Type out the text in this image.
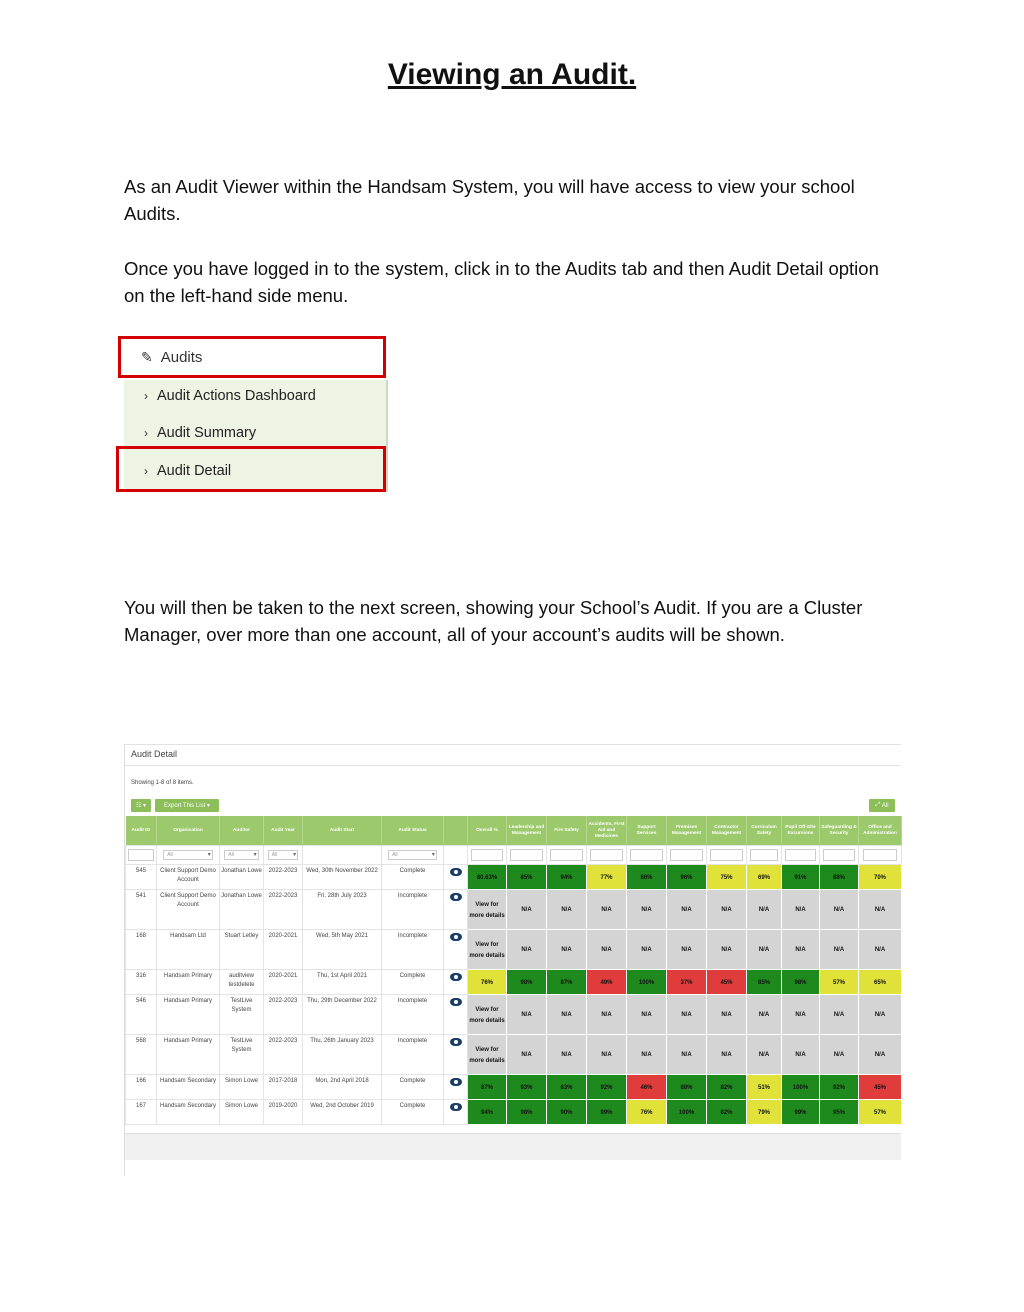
Viewing an Audit.
As an Audit Viewer within the Handsam System, you will have access to view your school Audits.
Once you have logged in to the system, click in to the Audits tab and then Audit Detail option on the left-hand side menu.
✎ Audits
› Audit Actions Dashboard
› Audit Summary
› Audit Detail
You will then be taken to the next screen, showing your School’s Audit. If you are a Cluster Manager, over more than one account, all of your account’s audits will be shown.
Audit Detail
Showing 1-8 of 8 items.
☷ ▾	Export This List ▾	⤢ All
Audit ID	Organisation	Auditor	Audit Year	Audit Start	Audit Status		Overall %	Leadership and Management	Fire Safety	Accidents, First Aid and Medicines	Support Services	Premises Management	Contractor Management	Curriculum Safety	Pupil Off-Site Excursions	Safeguarding & Security	Office and Administration
	All ▾	All ▾	All ▾		All ▾												
545	Client Support Demo Account	Jonathan Lowe	2022-2023	Wed, 30th November 2022	Complete		80.63%	85%	94%	77%	86%	96%	75%	69%	91%	88%	70%
541	Client Support Demo Account	Jonathan Lowe	2022-2023	Fri, 28th July 2023	Incomplete		View for more details	N/A	N/A	N/A	N/A	N/A	N/A	N/A	N/A	N/A	N/A
168	Handsam Ltd	Stuart Letley	2020-2021	Wed, 5th May 2021	Incomplete		View for more details	N/A	N/A	N/A	N/A	N/A	N/A	N/A	N/A	N/A	N/A
316	Handsam Primary	auditview testdelete	2020-2021	Thu, 1st April 2021	Complete		76%	98%	87%	49%	100%	37%	45%	85%	98%	57%	65%
546	Handsam Primary	TestLive System	2022-2023	Thu, 29th December 2022	Incomplete		View for more details	N/A	N/A	N/A	N/A	N/A	N/A	N/A	N/A	N/A	N/A
568	Handsam Primary	TestLive System	2022-2023	Thu, 26th January 2023	Incomplete		View for more details	N/A	N/A	N/A	N/A	N/A	N/A	N/A	N/A	N/A	N/A
166	Handsam Secondary	Simon Lowe	2017-2018	Mon, 2nd April 2018	Complete		87%	93%	83%	92%	46%	88%	82%	51%	100%	92%	45%
167	Handsam Secondary	Simon Lowe	2019-2020	Wed, 2nd October 2019	Complete		94%	98%	90%	99%	76%	100%	82%	79%	99%	95%	57%
